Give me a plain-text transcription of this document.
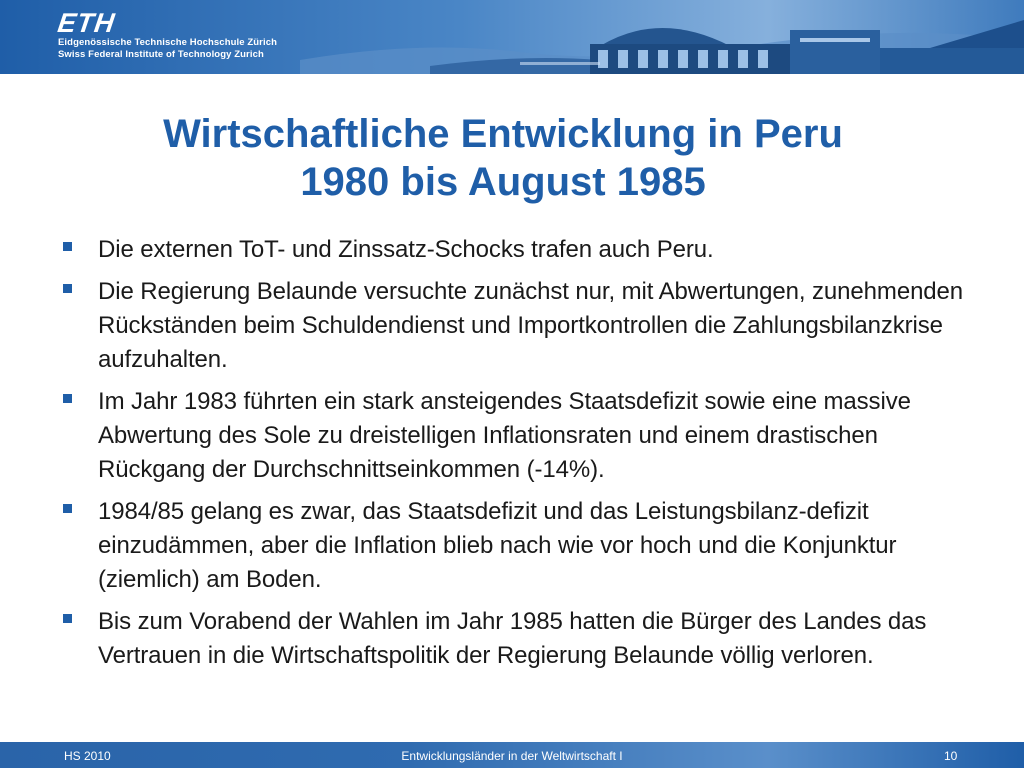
ETH
Eidgenössische Technische Hochschule Zürich
Swiss Federal Institute of Technology Zurich
Wirtschaftliche Entwicklung in Peru
1980 bis August 1985
Die externen ToT- und Zinssatz-Schocks trafen auch Peru.
Die Regierung Belaunde versuchte zunächst nur, mit Abwertungen, zunehmenden Rückständen beim Schuldendienst und Importkontrollen die Zahlungsbilanzkrise aufzuhalten.
Im Jahr 1983 führten ein stark ansteigendes Staatsdefizit sowie eine massive Abwertung des Sole zu dreistelligen Inflationsraten und einem drastischen Rückgang der Durchschnittseinkommen (-14%).
1984/85 gelang es zwar, das Staatsdefizit und das Leistungsbilanz-defizit einzudämmen, aber die Inflation blieb nach wie vor hoch und die Konjunktur (ziemlich) am Boden.
Bis zum Vorabend der Wahlen im Jahr 1985 hatten die Bürger des Landes das Vertrauen in die Wirtschaftspolitik der Regierung Belaunde völlig verloren.
HS 2010	Entwicklungsländer in der Weltwirtschaft I	10
